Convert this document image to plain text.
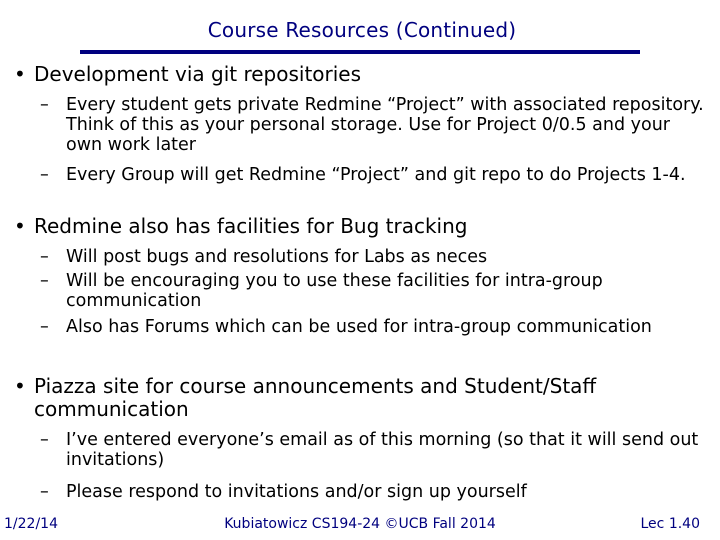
Course Resources (Continued)
• Development via git repositories
– Every student gets private Redmine “Project” with associated repository. Think of this as your personal storage. Use for Project 0/0.5 and your own work later
– Every Group will get Redmine “Project” and git repo to do Projects 1-4.
• Redmine also has facilities for Bug tracking
– Will post bugs and resolutions for Labs as neces
– Will be encouraging you to use these facilities for intra-group communication
– Also has Forums which can be used for intra-group communication
• Piazza site for course announcements and Student/Staff communication
– I’ve entered everyone’s email as of this morning (so that it will send out invitations)
– Please respond to invitations and/or sign up yourself
1/22/14	Kubiatowicz CS194-24 ©UCB Fall 2014	Lec 1.40
